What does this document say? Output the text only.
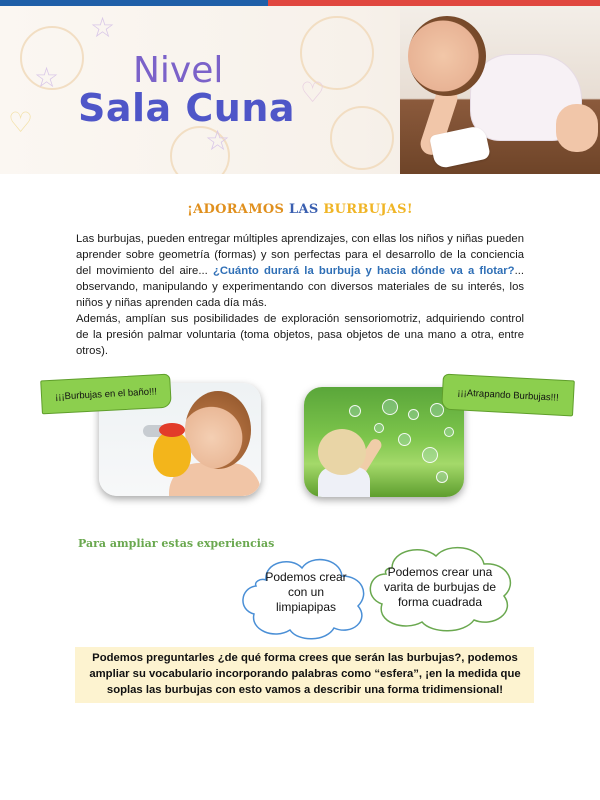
☆
☆
☆
♡
♡
Nivel
Sala Cuna
¡ADORAMOS LAS BURBUJAS!

Las burbujas, pueden entregar múltiples aprendizajes, con ellas los niños y niñas pueden aprender sobre geometría (formas) y son perfectas para el desarrollo de la conciencia del movimiento del aire... ¿Cuánto durará la burbuja y hacia dónde va a flotar?... observando, manipulando y experimentando con diversos materiales de su interés, los niños y niñas aprenden cada día más.

Además, amplían sus posibilidades de exploración sensoriomotriz, adquiriendo control de la presión palmar voluntaria (toma objetos, pasa objetos de una mano a otra, entre otros).

¡¡¡Burbujas en el baño!!!	¡¡¡Atrapando Burbujas!!!
Para ampliar estas experiencias
Podemos crear con un limpiapipas
Podemos crear una varita de burbujas de forma cuadrada
Podemos preguntarles ¿de qué forma crees que serán las burbujas?, podemos ampliar su vocabulario incorporando palabras como “esfera”, ¡en la medida que soplas las burbujas con esto vamos a describir una forma tridimensional!
